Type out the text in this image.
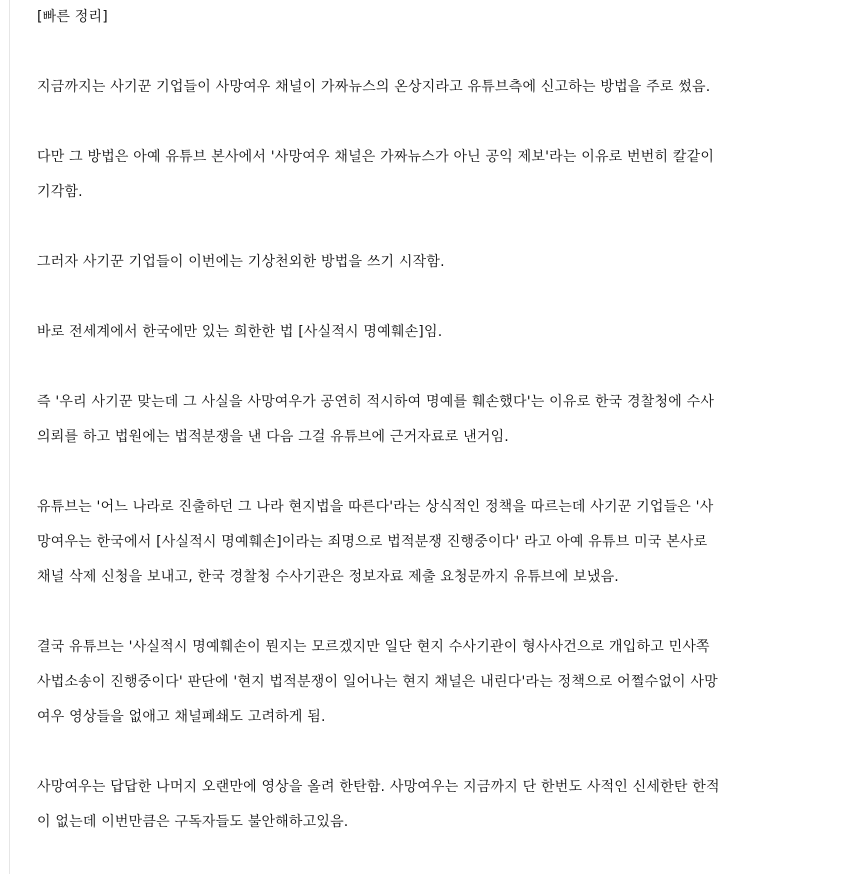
[빠른 정리]

지금까지는 사기꾼 기업들이 사망여우 채널이 가짜뉴스의 온상지라고 유튜브측에 신고하는 방법을 주로 썼음.

다만 그 방법은 아예 유튜브 본사에서 '사망여우 채널은 가짜뉴스가 아닌 공익 제보'라는 이유로 번번히 칼같이
기각함.

그러자 사기꾼 기업들이 이번에는 기상천외한 방법을 쓰기 시작함.

바로 전세계에서 한국에만 있는 희한한 법 [사실적시 명예훼손]임.

즉 '우리 사기꾼 맞는데 그 사실을 사망여우가 공연히 적시하여 명예를 훼손했다'는 이유로 한국 경찰청에 수사
의뢰를 하고 법원에는 법적분쟁을 낸 다음 그걸 유튜브에 근거자료로 낸거임.

유튜브는 '어느 나라로 진출하던 그 나라 현지법을 따른다'라는 상식적인 정책을 따르는데 사기꾼 기업들은 '사
망여우는 한국에서 [사실적시 명예훼손]이라는 죄명으로 법적분쟁 진행중이다' 라고 아예 유튜브 미국 본사로
채널 삭제 신청을 보내고, 한국 경찰청 수사기관은 정보자료 제출 요청문까지 유튜브에 보냈음.

결국 유튜브는 '사실적시 명예훼손이 뭔지는 모르겠지만 일단 현지 수사기관이 형사사건으로 개입하고 민사쪽
사법소송이 진행중이다' 판단에 '현지 법적분쟁이 일어나는 현지 채널은 내린다'라는 정책으로 어쩔수없이 사망
여우 영상들을 없애고 채널폐쇄도 고려하게 됨.

사망여우는 답답한 나머지 오랜만에 영상을 올려 한탄함. 사망여우는 지금까지 단 한번도 사적인 신세한탄 한적
이 없는데 이번만큼은 구독자들도 불안해하고있음.
